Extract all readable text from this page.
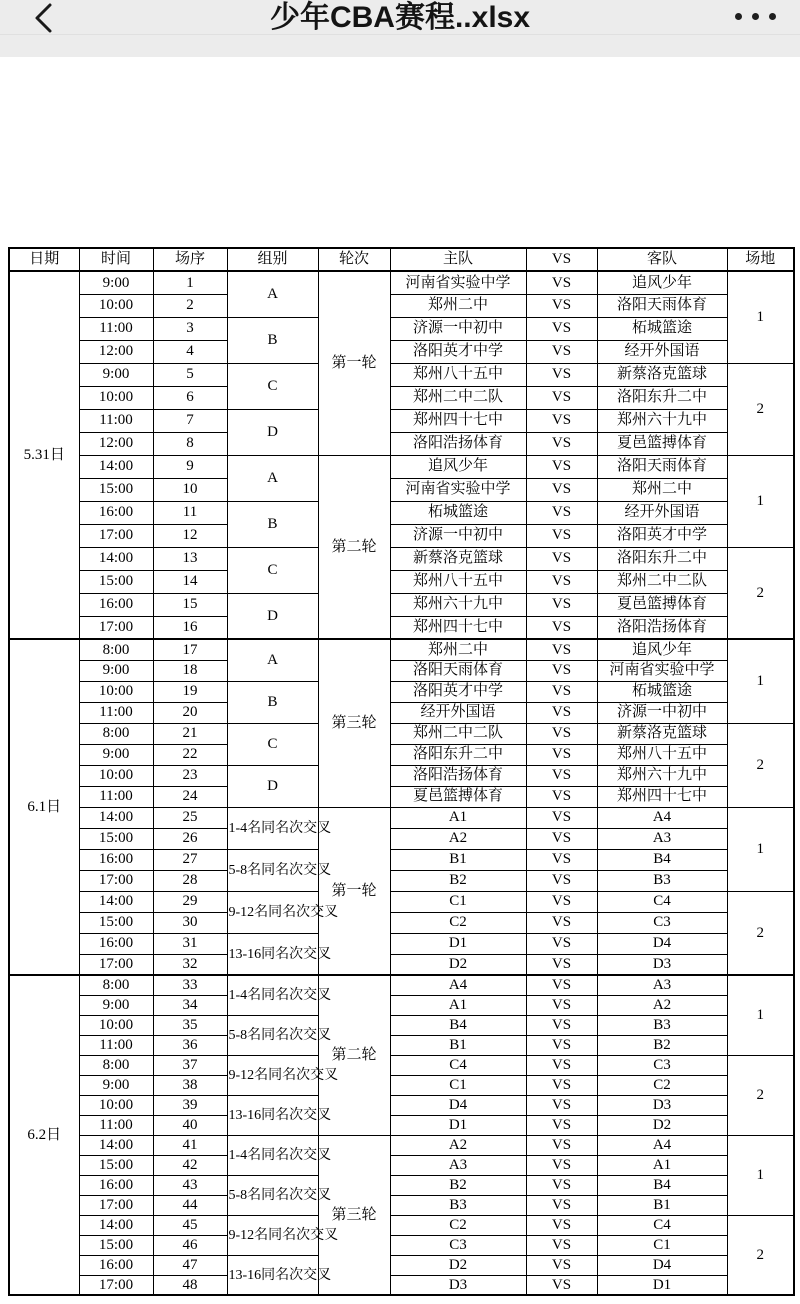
少年CBA赛程..xlsx
日期	时间	场序	组别	轮次	主队	VS	客队	场地
5.31日	9:00	1	A	第一轮	河南省实验中学	VS	追风少年	1
	10:00	2			郑州二中	VS	洛阳天雨体育	
	11:00	3	B		济源一中初中	VS	柘城篮途	
	12:00	4			洛阳英才中学	VS	经开外国语	
	9:00	5	C		郑州八十五中	VS	新蔡洛克篮球	2
	10:00	6			郑州二中二队	VS	洛阳东升二中	
	11:00	7	D		郑州四十七中	VS	郑州六十九中	
	12:00	8			洛阳浩扬体育	VS	夏邑篮搏体育	
	14:00	9	A	第二轮	追风少年	VS	洛阳天雨体育	1
	15:00	10			河南省实验中学	VS	郑州二中	
	16:00	11	B		柘城篮途	VS	经开外国语	
	17:00	12			济源一中初中	VS	洛阳英才中学	
	14:00	13	C		新蔡洛克篮球	VS	洛阳东升二中	2
	15:00	14			郑州八十五中	VS	郑州二中二队	
	16:00	15	D		郑州六十九中	VS	夏邑篮搏体育	
	17:00	16			郑州四十七中	VS	洛阳浩扬体育	
6.1日	8:00	17	A	第三轮	郑州二中	VS	追风少年	1
	9:00	18			洛阳天雨体育	VS	河南省实验中学	
	10:00	19	B		洛阳英才中学	VS	柘城篮途	
	11:00	20			经开外国语	VS	济源一中初中	
	8:00	21	C		郑州二中二队	VS	新蔡洛克篮球	2
	9:00	22			洛阳东升二中	VS	郑州八十五中	
	10:00	23	D		洛阳浩扬体育	VS	郑州六十九中	
	11:00	24			夏邑篮搏体育	VS	郑州四十七中	
	14:00	25	1-4名同名次交叉	第一轮	A1	VS	A4	1
	15:00	26			A2	VS	A3	
	16:00	27	5-8名同名次交叉		B1	VS	B4	
	17:00	28			B2	VS	B3	
	14:00	29	9-12名同名次交叉		C1	VS	C4	2
	15:00	30			C2	VS	C3	
	16:00	31	13-16同名次交叉		D1	VS	D4	
	17:00	32			D2	VS	D3	
6.2日	8:00	33	1-4名同名次交叉	第二轮	A4	VS	A3	1
	9:00	34			A1	VS	A2	
	10:00	35	5-8名同名次交叉		B4	VS	B3	
	11:00	36			B1	VS	B2	
	8:00	37	9-12名同名次交叉		C4	VS	C3	2
	9:00	38			C1	VS	C2	
	10:00	39	13-16同名次交叉		D4	VS	D3	
	11:00	40			D1	VS	D2	
	14:00	41	1-4名同名次交叉	第三轮	A2	VS	A4	1
	15:00	42			A3	VS	A1	
	16:00	43	5-8名同名次交叉		B2	VS	B4	
	17:00	44			B3	VS	B1	
	14:00	45	9-12名同名次交叉		C2	VS	C4	2
	15:00	46			C3	VS	C1	
	16:00	47	13-16同名次交叉		D2	VS	D4	
	17:00	48			D3	VS	D1	
